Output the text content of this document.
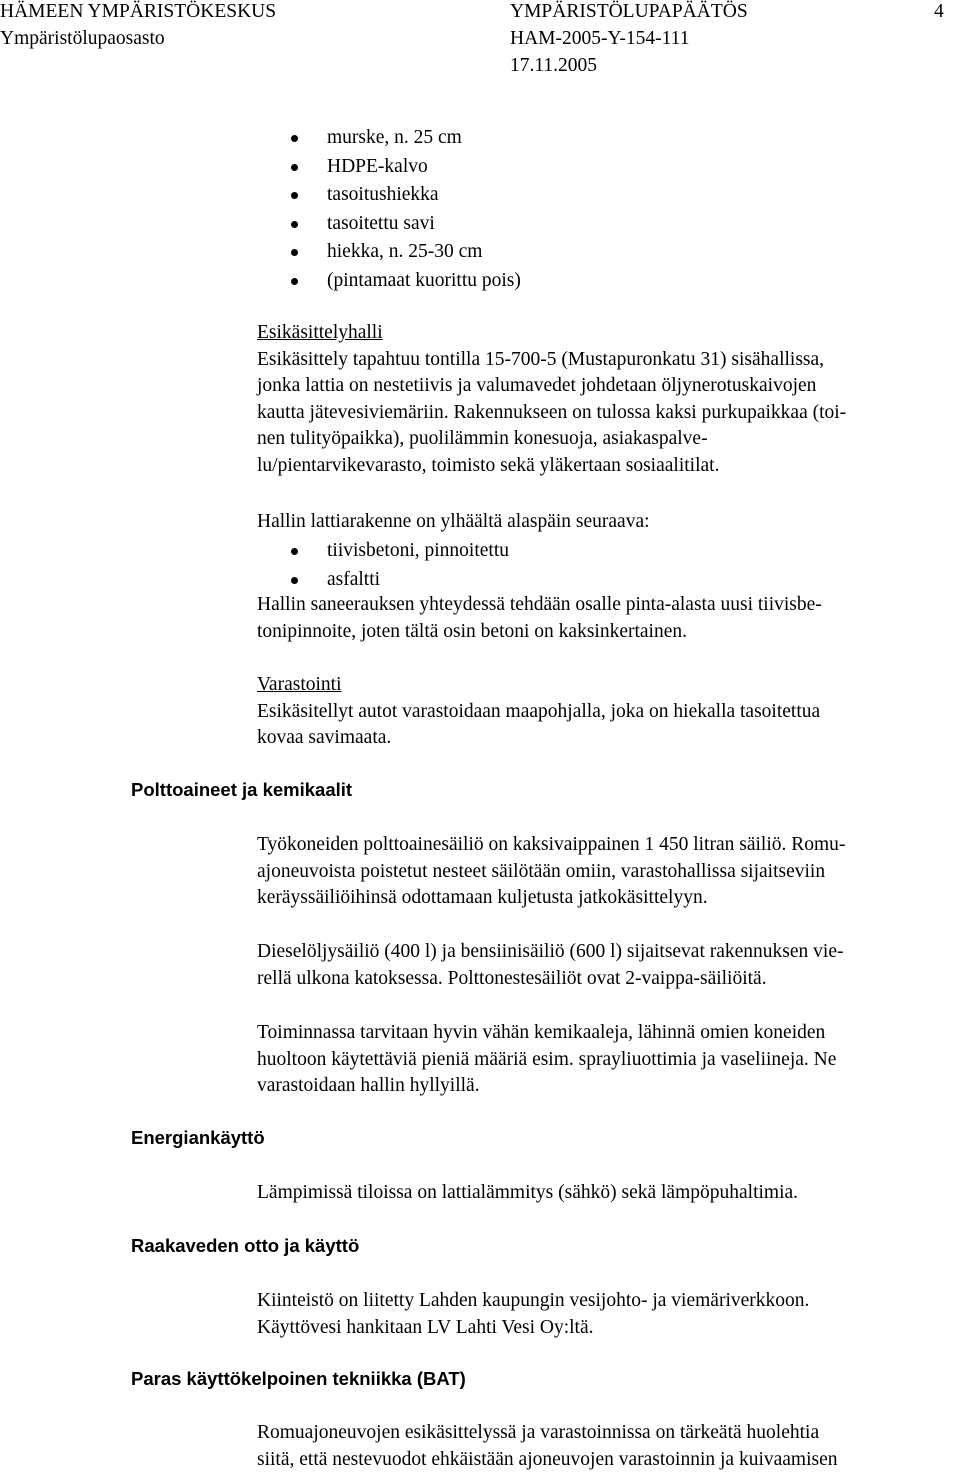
HÄMEEN YMPÄRISTÖKESKUS	YMPÄRISTÖLUPAPÄÄTÖS	4
Ympäristölupaosasto	HAM-2005-Y-154-111
17.11.2005
murske, n. 25 cm
HDPE-kalvo
tasoitushiekka
tasoitettu savi
hiekka, n. 25-30 cm
(pintamaat kuorittu pois)
Esikäsittelyhalli
Esikäsittely tapahtuu tontilla 15-700-5 (Mustapuronkatu 31) sisähallissa,
jonka lattia on nestetiivis ja valumavedet johdetaan öljynerotuskaivojen
kautta jätevesiviemäriin. Rakennukseen on tulossa kaksi purkupaikkaa (toi-
nen tulityöpaikka), puolilämmin konesuoja, asiakaspalve-
lu/pientarvikevarasto, toimisto sekä yläkertaan sosiaalitilat.
Hallin lattiarakenne on ylhäältä alaspäin seuraava:
tiivisbetoni, pinnoitettu
asfaltti
Hallin saneerauksen yhteydessä tehdään osalle pinta-alasta uusi tiivisbe-
tonipinnoite, joten tältä osin betoni on kaksinkertainen.
Varastointi
Esikäsitellyt autot varastoidaan maapohjalla, joka on hiekalla tasoitettua
kovaa savimaata.
Polttoaineet ja kemikaalit
Työkoneiden polttoainesäiliö on kaksivaippainen 1 450 litran säiliö. Romu-
ajoneuvoista poistetut nesteet säilötään omiin, varastohallissa sijaitseviin
keräyssäiliöihinsä odottamaan kuljetusta jatkokäsittelyyn.
Dieselöljysäiliö (400 l) ja bensiinisäiliö (600 l) sijaitsevat rakennuksen vie-
rellä ulkona katoksessa. Polttonestesäiliöt ovat 2-vaippa-säiliöitä.
Toiminnassa tarvitaan hyvin vähän kemikaaleja, lähinnä omien koneiden
huoltoon käytettäviä pieniä määriä esim. sprayliuottimia ja vaseliineja. Ne
varastoidaan hallin hyllyillä.
Energiankäyttö
Lämpimissä tiloissa on lattialämmitys (sähkö) sekä lämpöpuhaltimia.
Raakaveden otto ja käyttö
Kiinteistö on liitetty Lahden kaupungin vesijohto- ja viemäriverkkoon.
Käyttövesi hankitaan LV Lahti Vesi Oy:ltä.
Paras käyttökelpoinen tekniikka (BAT)
Romuajoneuvojen esikäsittelyssä ja varastoinnissa on tärkeätä huolehtia
siitä, että nestevuodot ehkäistään ajoneuvojen varastoinnin ja kuivaamisen
